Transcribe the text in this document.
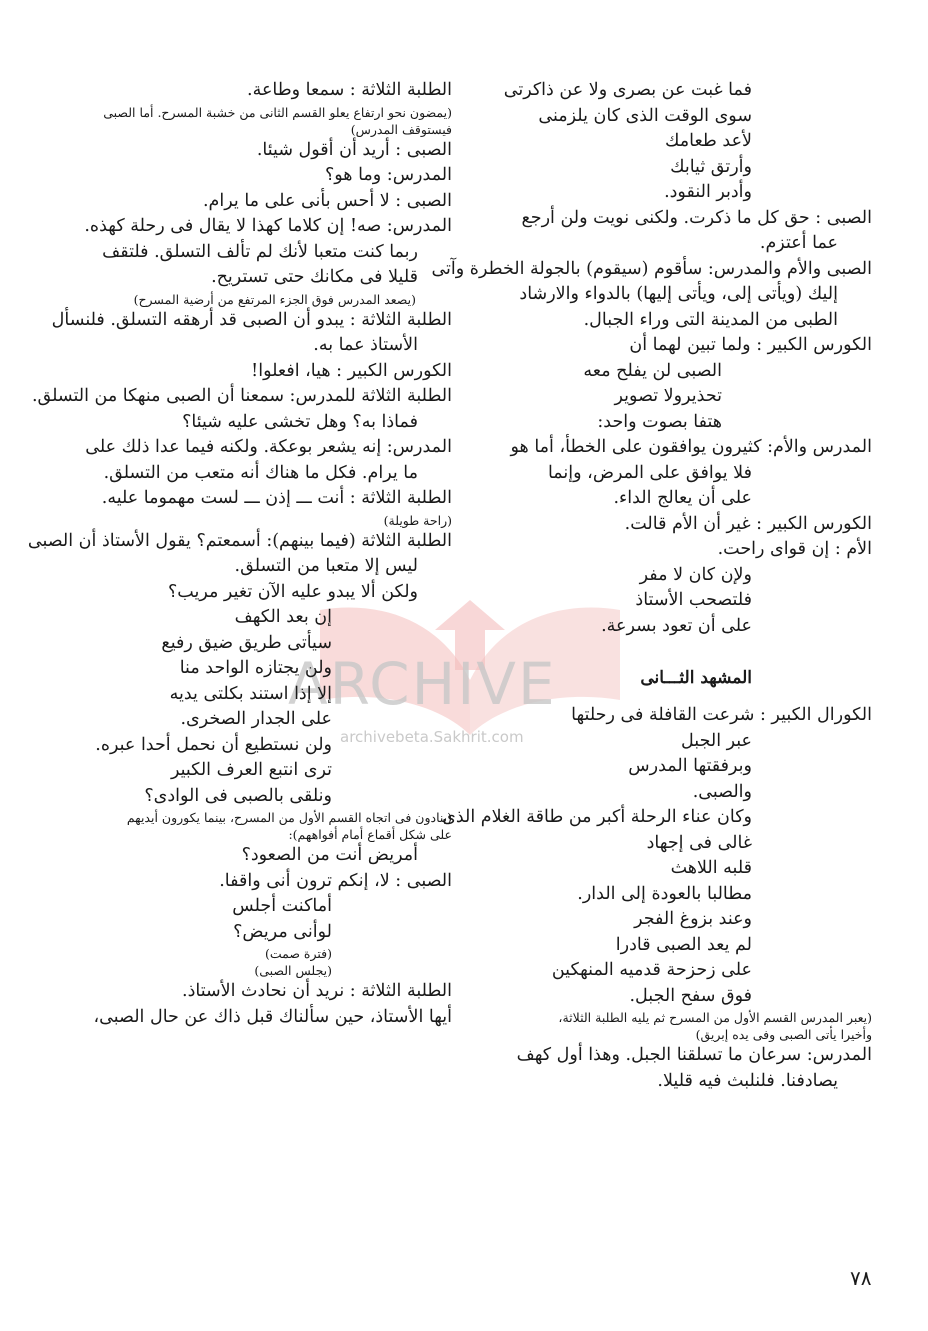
ARCHIVE
archivebeta.Sakhrit.com
فما غبت عن بصرى ولا عن ذاكرتى
سوى الوقت الذى كان يلزمنى
لأعد طعامك
وأرتق ثيابك
وأدبر النقود.
الصبى : حق كل ما ذكرت. ولكنى نويت ولن أرجع
عما أعتزم.
الصبى والأم والمدرس: سأقوم (سيقوم) بالجولة الخطرة وآتى
إليك (ويأتى إلى، ويأتى إليها) بالدواء والارشاد
الطبى من المدينة التى وراء الجبال.
الكورس الكبير : ولما تبين لهما أن
الصبى لن يفلح معه
تحذيرولا تصوير
هتفا بصوت واحد:
المدرس والأم: كثيرون يوافقون على الخطأ، أما هو
فلا يوافق على المرض، وإنما
على أن يعالج الداء.
الكورس الكبير : غير أن الأم قالت.
الأم : إن قواى راحت.
ولإن كان لا مفر
فلتصحب الأستاذ
على أن تعود بسرعة.
المشهد الثـــانى
الكورال الكبير : شرعت القافلة فى رحلتها
عبر الجبل
وبرفقتها المدرس
والصبى.
وكان عناء الرحلة أكبر من طاقة الغلام الذى
غالى فى إجهاد
قلبه اللاهث
مطالبا بالعودة إلى الدار.
وعند بزوغ الفجر
لم يعد الصبى قادرا
على زحزحة قدميه المنهكين
فوق سفح الجبل.
(يعبر المدرس القسم الأول من المسرح ثم يليه الطلبة الثلاثة،
وأخيرا يأتى الصبى وفى يده إبريق)
المدرس: سرعان ما تسلقنا الجبل. وهذا أول كهف
يصادفنا. فلنلبث فيه قليلا.
الطلبة الثلاثة : سمعا وطاعة.
(يمضون نحو ارتفاع يعلو القسم الثانى من خشبة المسرح. أما الصبى
فيستوقف المدرس)
الصبى : أريد أن أقول شيئا.
المدرس: وما هو؟
الصبى : لا أحس بأنى على ما يرام.
المدرس: صه! إن كلاما كهذا لا يقال فى رحلة كهذه.
ربما كنت متعبا لأنك لم تألف التسلق. فلتقف
قليلا فى مكانك حتى تستريح.
(يصعد المدرس فوق الجزء المرتفع من أرضية المسرح)
الطلبة الثلاثة : يبدو أن الصبى قد أرهقه التسلق. فلنسأل
الأستاذ عما به.
الكورس الكبير : هيا، افعلوا!
الطلبة الثلاثة للمدرس: سمعنا أن الصبى منهكا من التسلق.
فماذا به؟ وهل تخشى عليه شيئا؟
المدرس: إنه يشعر بوعكة. ولكنه فيما عدا ذلك على
ما يرام. فكل ما هناك أنه متعب من التسلق.
الطلبة الثلاثة : أنت ـــ إذن ـــ لست مهموما عليه.
(راحة طويلة)
الطلبة الثلاثة (فيما بينهم): أسمعتم؟ يقول الأستاذ أن الصبى
ليس إلا متعبا من التسلق.
ولكن ألا يبدو عليه الآن تغير مريب؟
إن بعد الكهف
سيأتى طريق ضيق رفيع
ولن يجتازه الواحد منا
إلا إذا استند بكلتى يديه
على الجدار الصخرى.
ولن نستطيع أن نحمل أحدا عبره.
ترى انتبع العرف الكبير
ونلقى بالصبى فى الوادى؟
(ينادون فى اتجاه القسم الأول من المسرح، بينما يكورون أيديهم
على شكل أقماع أمام أفواههم):
أمريض أنت من الصعود؟
الصبى : لا، إنكم ترون أنى واقفا.
أماكنت أجلس
لوأنى مريض؟
(فترة صمت)
(يجلس الصبى)
الطلبة الثلاثة : نريد أن نحادث الأستاذ.
أيها الأستاذ، حين سألناك قبل ذاك عن حال الصبى،
٧٨
